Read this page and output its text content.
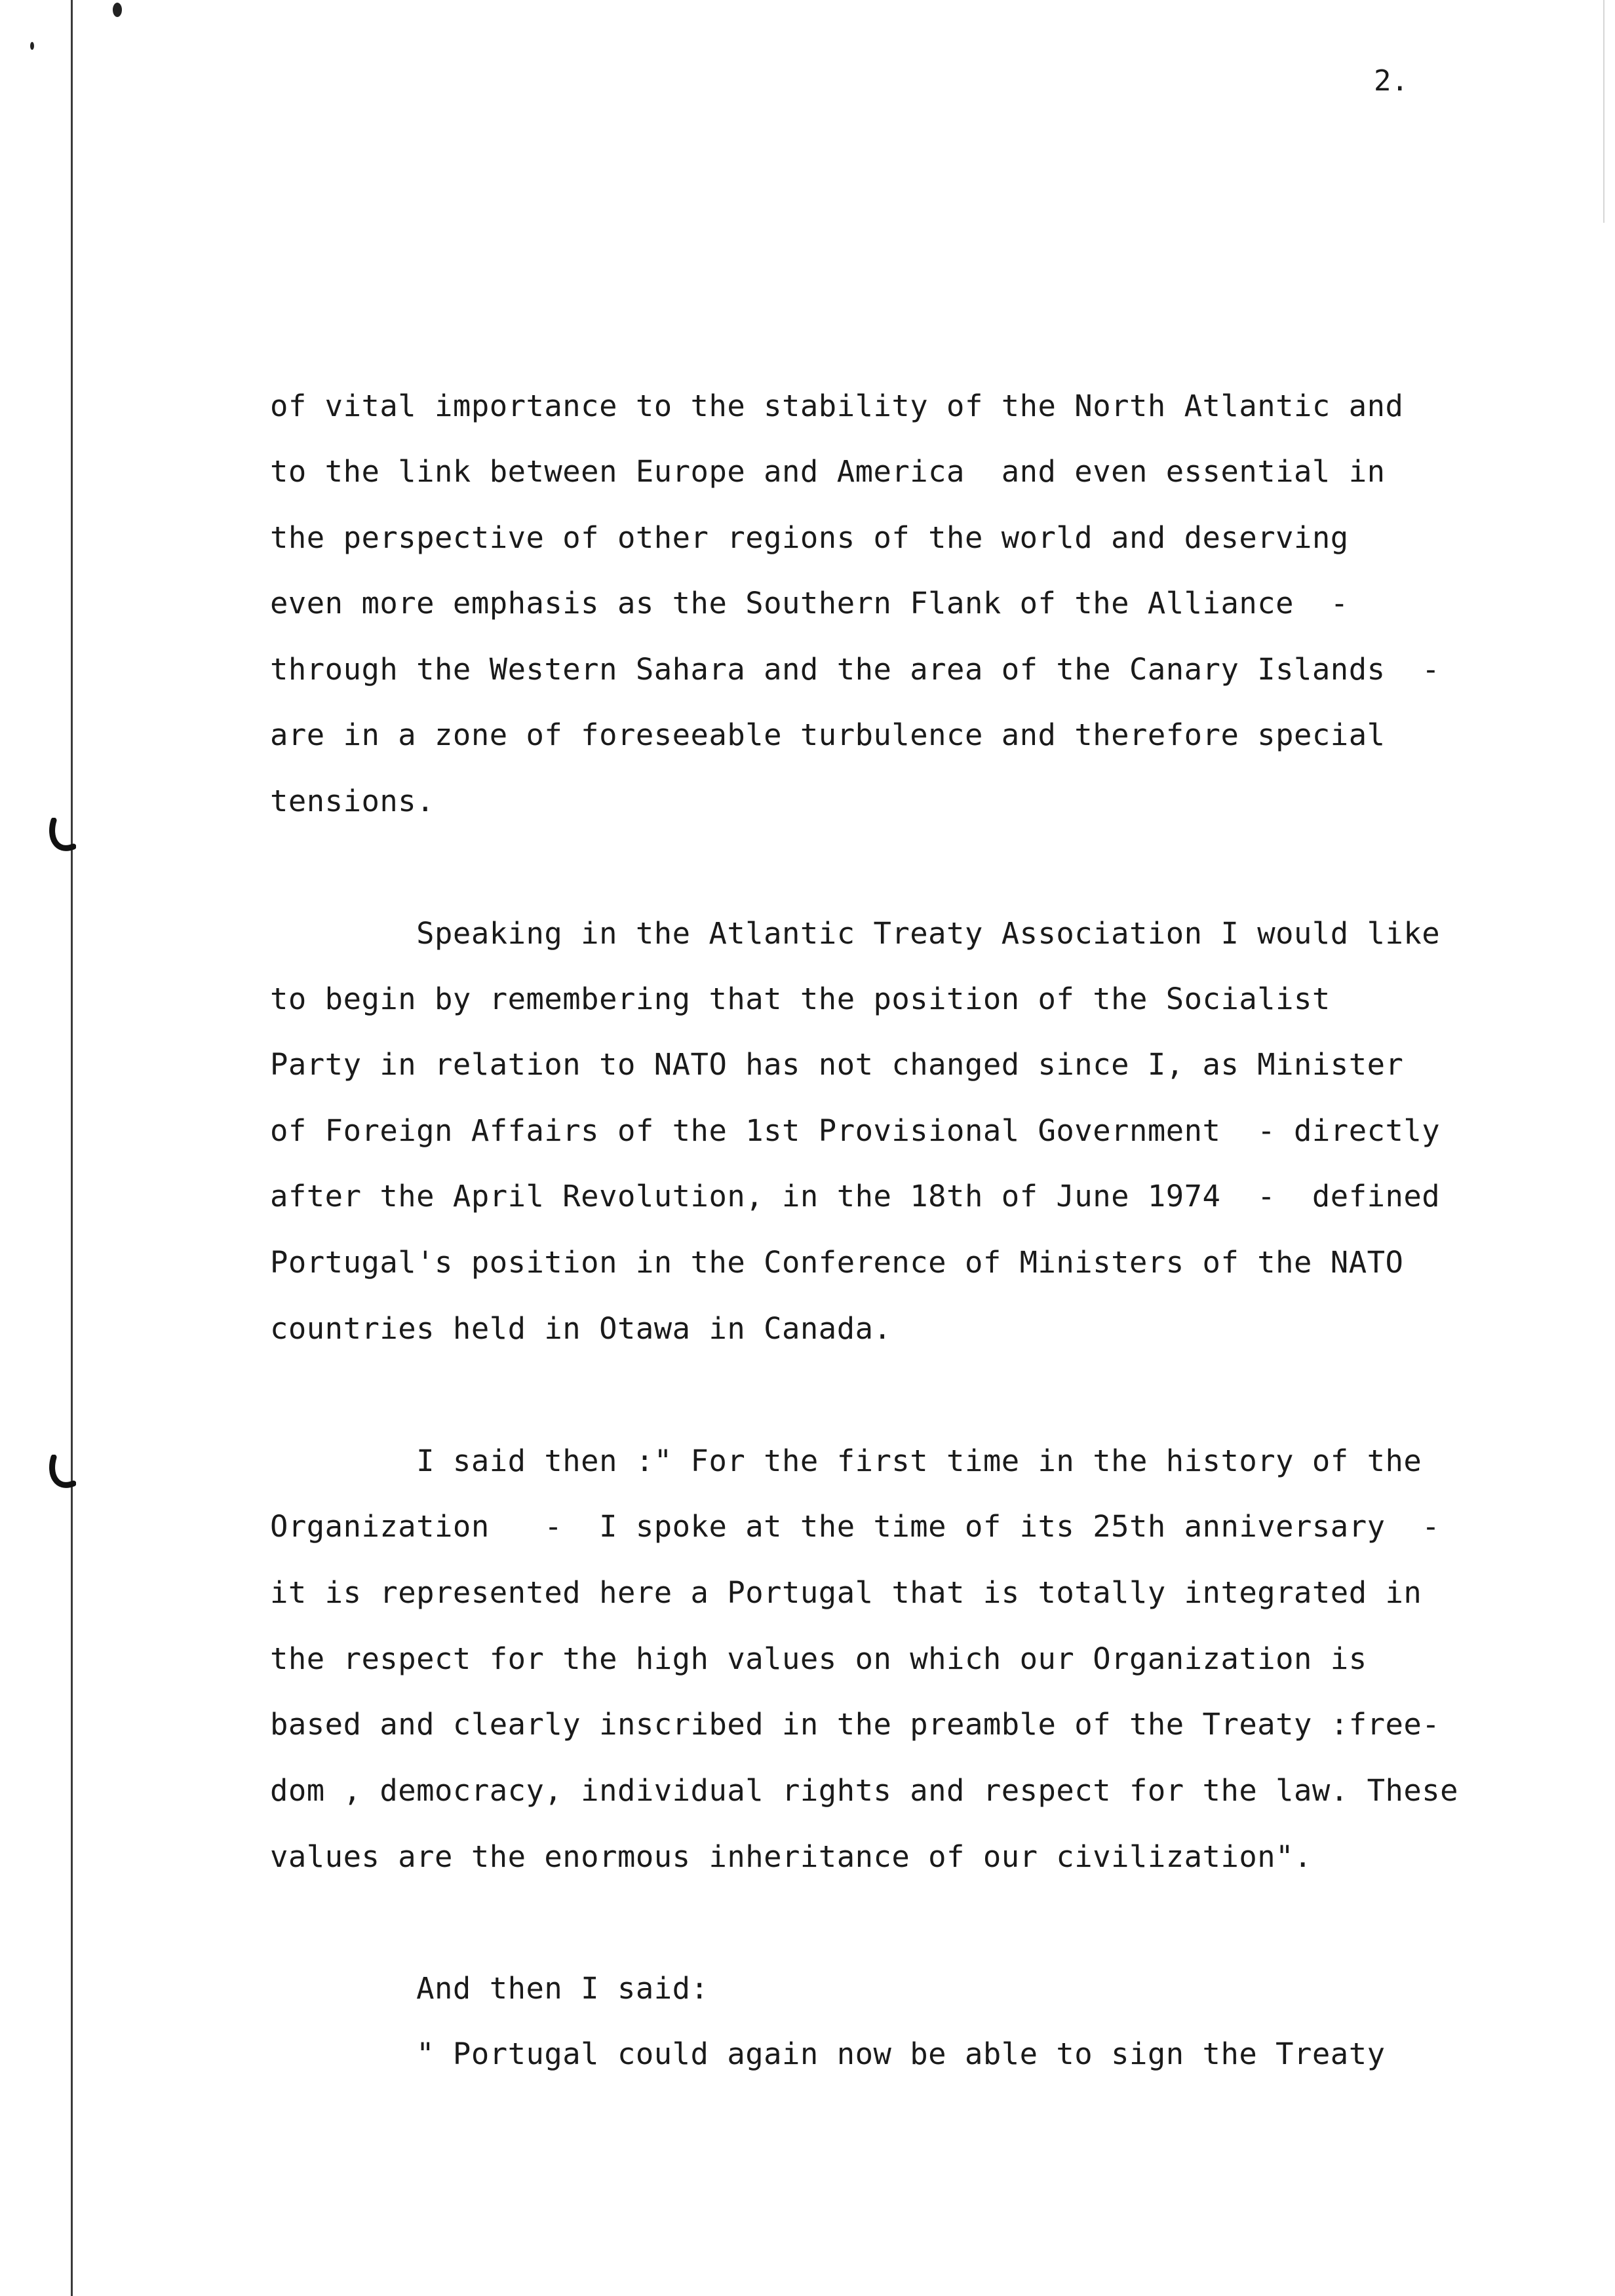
2.
of vital importance to the stability of the North Atlantic and
to the link between Europe and America  and even essential in
the perspective of other regions of the world and deserving
even more emphasis as the Southern Flank of the Alliance  -
through the Western Sahara and the area of the Canary Islands  -
are in a zone of foreseeable turbulence and therefore special
tensions.
Speaking in the Atlantic Treaty Association I would like
to begin by remembering that the position of the Socialist
Party in relation to NATO has not changed since I, as Minister
of Foreign Affairs of the 1st Provisional Government  - directly
after the April Revolution, in the 18th of June 1974  -  defined
Portugal's position in the Conference of Ministers of the NATO
countries held in Otawa in Canada.
I said then :" For the first time in the history of the
Organization   -  I spoke at the time of its 25th anniversary  -
it is represented here a Portugal that is totally integrated in
the respect for the high values on which our Organization is
based and clearly inscribed in the preamble of the Treaty :free-
dom , democracy, individual rights and respect for the law. These
values are the enormous inheritance of our civilization".
And then I said:
" Portugal could again now be able to sign the Treaty
